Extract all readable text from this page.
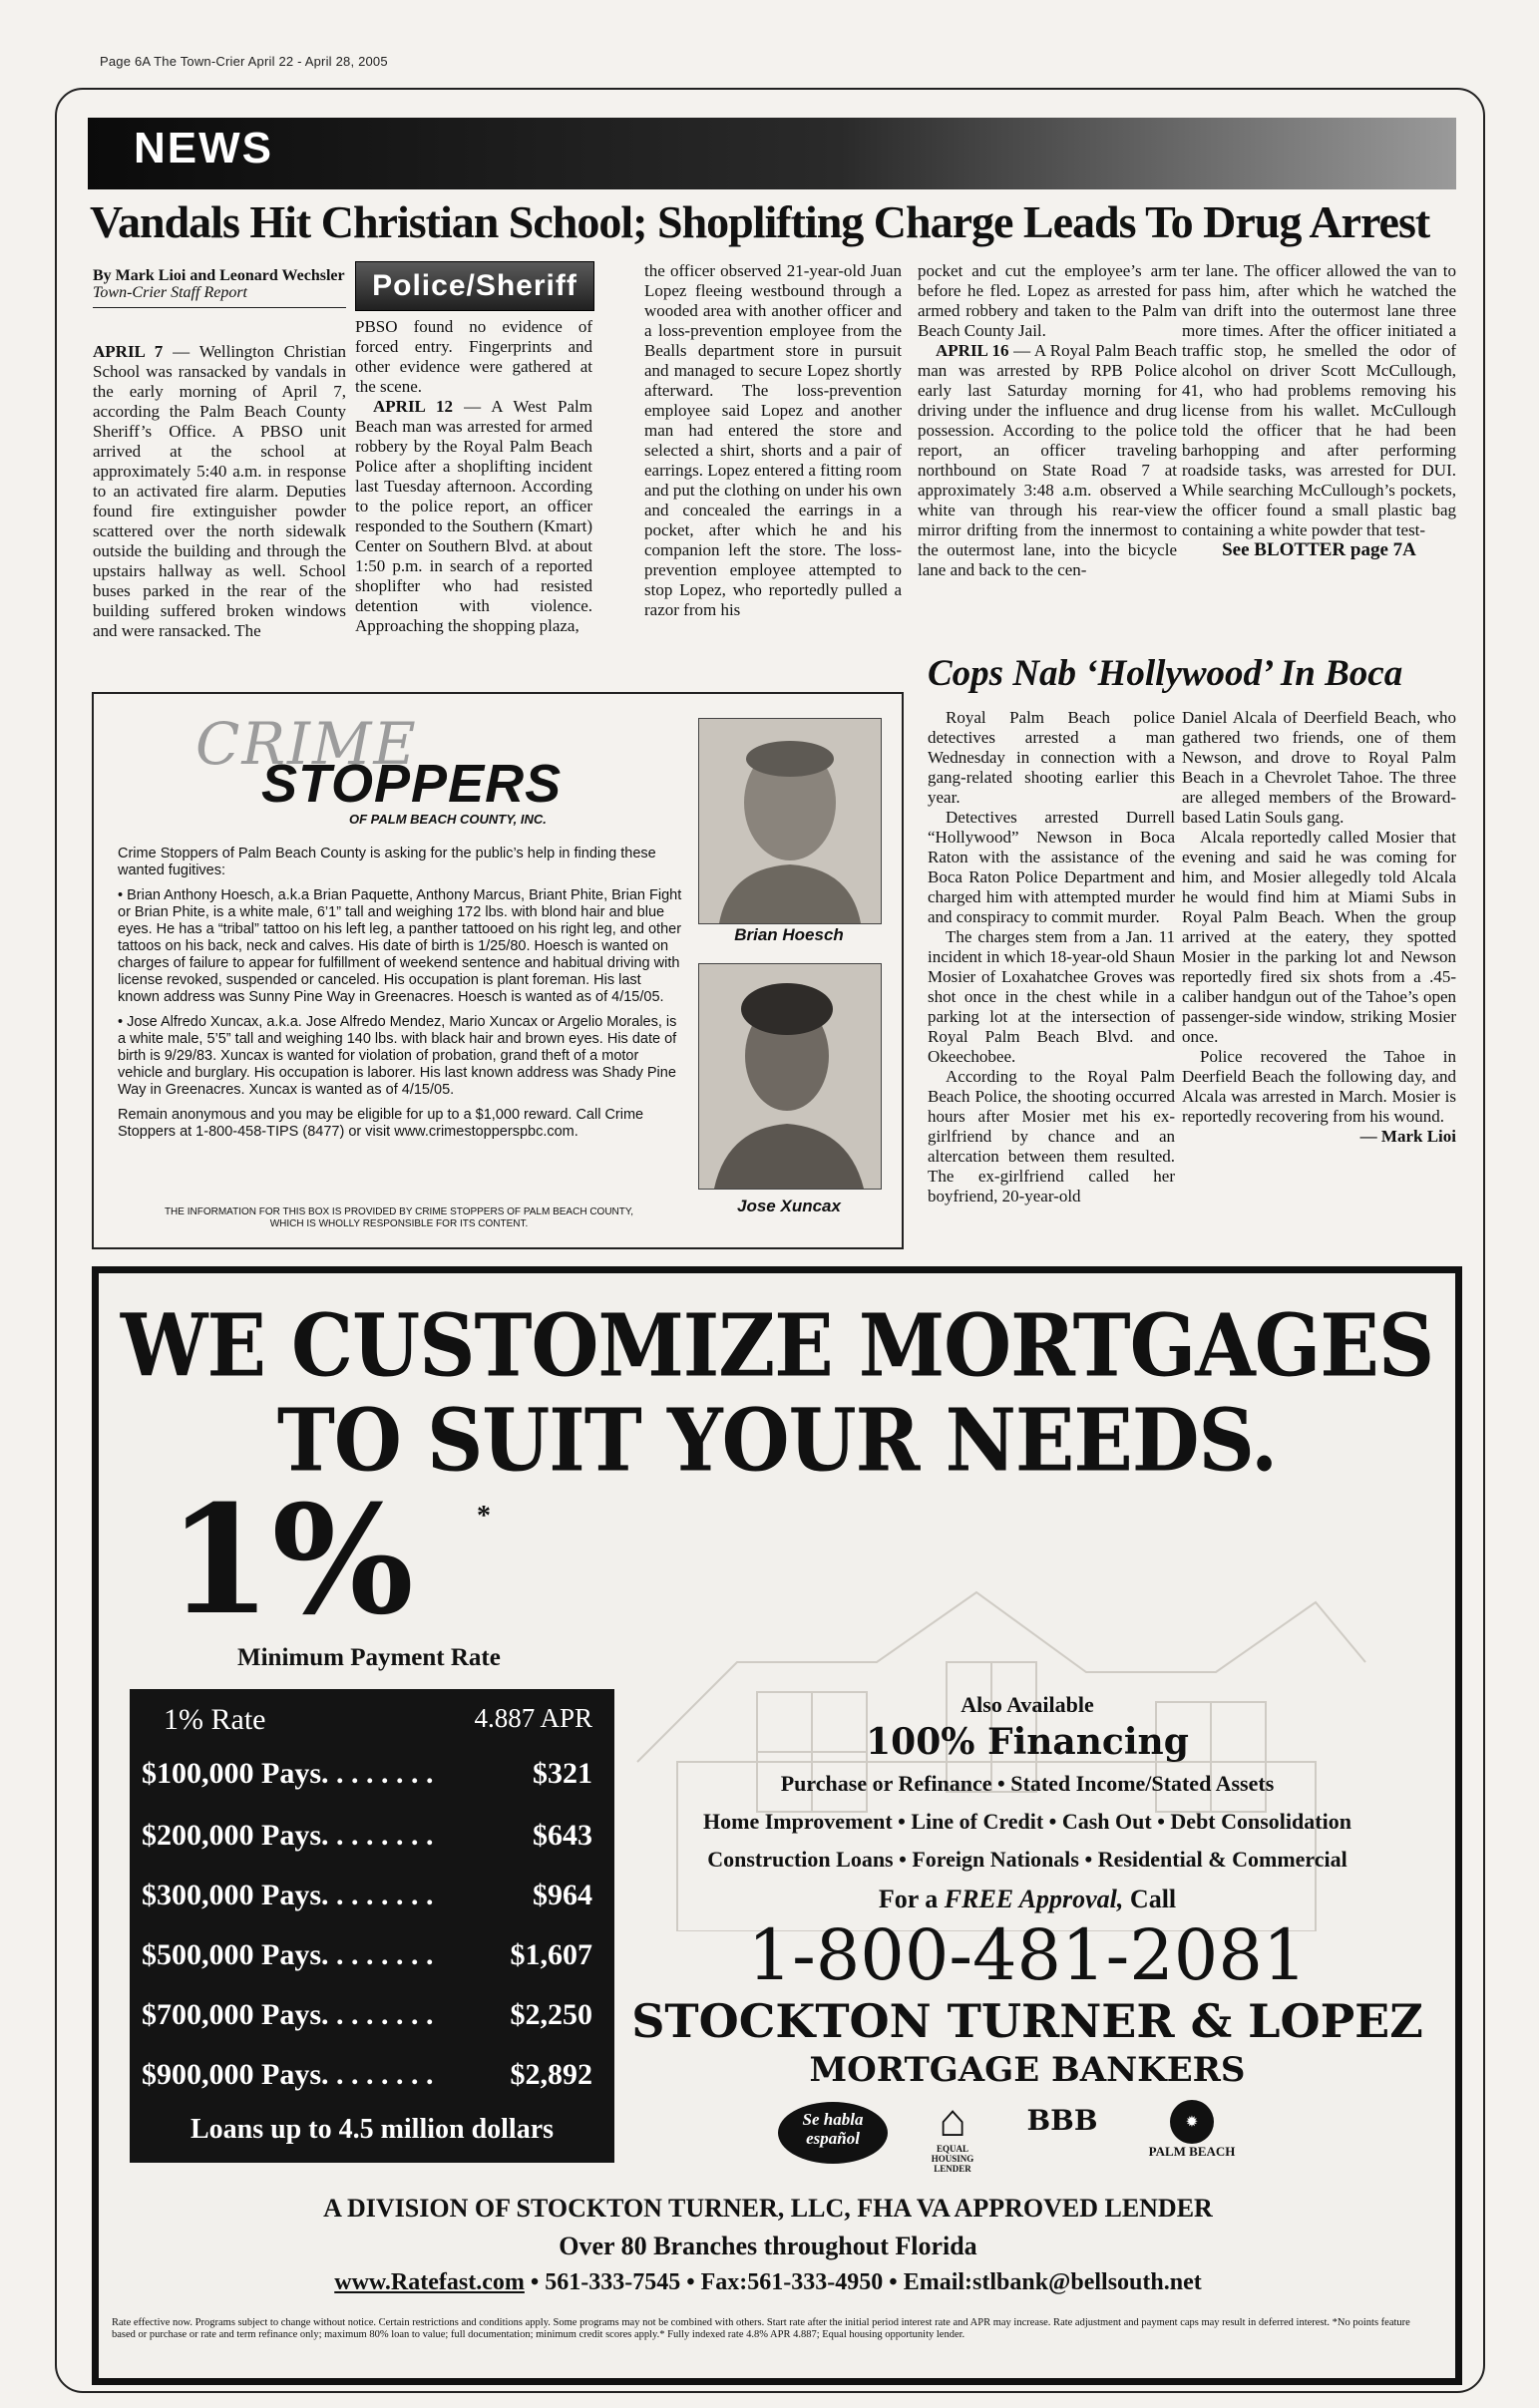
Page 6A The Town-Crier April 22 - April 28, 2005
NEWS
Vandals Hit Christian School; Shoplifting Charge Leads To Drug Arrest
By Mark Lioi and Leonard Wechsler
Town-Crier Staff Report	Police/Sheriff

APRIL 7 — Wellington Christian School was ransacked by vandals in the early morning of April 7, according the Palm Beach County Sheriff’s Office. A PBSO unit arrived at the school at approximately 5:40 a.m. in response to an activated fire alarm. Deputies found fire extinguisher powder scattered over the north sidewalk outside the building and through the upstairs hallway as well. School buses parked in the rear of the building suffered broken windows and were ransacked. The

PBSO found no evidence of forced entry. Fingerprints and other evidence were gathered at the scene.

APRIL 12 — A West Palm Beach man was arrested for armed robbery by the Royal Palm Beach Police after a shoplifting incident last Tuesday afternoon. According to the police report, an officer responded to the Southern (Kmart) Center on Southern Blvd. at about 1:50 p.m. in search of a reported shoplifter who had resisted detention with violence. Approaching the shopping plaza,

the officer observed 21-year-old Juan Lopez fleeing westbound through a wooded area with another officer and a loss-prevention employee from the Bealls department store in pursuit and managed to secure Lopez shortly afterward. The loss-prevention employee said Lopez and another man had entered the store and selected a shirt, shorts and a pair of earrings. Lopez entered a fitting room and put the clothing on under his own and concealed the earrings in a pocket, after which he and his companion left the store. The loss-prevention employee attempted to stop Lopez, who reportedly pulled a razor from his

pocket and cut the employee’s arm before he fled. Lopez as arrested for armed robbery and taken to the Palm Beach County Jail.

APRIL 16 — A Royal Palm Beach man was arrested by RPB Police early last Saturday morning for driving under the influence and drug possession. According to the police report, an officer traveling northbound on State Road 7 at approximately 3:48 a.m. observed a white van through his rear-view mirror drifting from the innermost to the outermost lane, into the bicycle lane and back to the cen-

ter lane. The officer allowed the van to pass him, after which he watched the van drift into the outermost lane three more times. After the officer initiated a traffic stop, he smelled the odor of alcohol on driver Scott McCullough, 41, who had problems removing his license from his wallet. McCullough told the officer that he had been barhopping and after performing roadside tasks, was arrested for DUI. While searching McCullough’s pockets, the officer found a small plastic bag containing a white powder that test-

See BLOTTER page 7A
Cops Nab ‘Hollywood’ In Boca

Royal Palm Beach police detectives arrested a man Wednesday in connection with a gang-related shooting earlier this year.

Detectives arrested Durrell “Hollywood” Newson in Boca Raton with the assistance of the Boca Raton Police Department and charged him with attempted murder and conspiracy to commit murder.

The charges stem from a Jan. 11 incident in which 18-year-old Shaun Mosier of Loxahatchee Groves was shot once in the chest while in a parking lot at the intersection of Royal Palm Beach Blvd. and Okeechobee.

According to the Royal Palm Beach Police, the shooting occurred hours after Mosier met his ex-girlfriend by chance and an altercation between them resulted. The ex-girlfriend called her boyfriend, 20-year-old

Daniel Alcala of Deerfield Beach, who gathered two friends, one of them Newson, and drove to Royal Palm Beach in a Chevrolet Tahoe. The three are alleged members of the Broward-based Latin Souls gang.

Alcala reportedly called Mosier that evening and said he was coming for him, and Mosier allegedly told Alcala he would find him at Miami Subs in Royal Palm Beach. When the group arrived at the eatery, they spotted Mosier in the parking lot and Newson reportedly fired six shots from a .45-caliber handgun out of the Tahoe’s open passenger-side window, striking Mosier once.

Police recovered the Tahoe in Deerfield Beach the following day, and Alcala was arrested in March. Mosier is reportedly recovering from his wound.

— Mark Lioi
CRIME
STOPPERS
OF PALM BEACH COUNTY, INC.

Crime Stoppers of Palm Beach County is asking for the public’s help in finding these wanted fugitives:

• Brian Anthony Hoesch, a.k.a Brian Paquette, Anthony Marcus, Briant Phite, Brian Fight or Brian Phite, is a white male, 6’1” tall and weighing 172 lbs. with blond hair and blue eyes. He has a “tribal” tattoo on his left leg, a panther tattooed on his right leg, and other tattoos on his back, neck and calves. His date of birth is 1/25/80. Hoesch is wanted on charges of failure to appear for fulfillment of weekend sentence and habitual driving with license revoked, suspended or canceled. His occupation is plant foreman. His last known address was Sunny Pine Way in Greenacres. Hoesch is wanted as of 4/15/05.

• Jose Alfredo Xuncax, a.k.a. Jose Alfredo Mendez, Mario Xuncax or Argelio Morales, is a white male, 5’5” tall and weighing 140 lbs. with black hair and brown eyes. His date of birth is 9/29/83. Xuncax is wanted for violation of probation, grand theft of a motor vehicle and burglary. His occupation is laborer. His last known address was Shady Pine Way in Greenacres. Xuncax is wanted as of 4/15/05.

Remain anonymous and you may be eligible for up to a $1,000 reward. Call Crime Stoppers at 1-800-458-TIPS (8477) or visit www.crimestopperspbc.com.

THE INFORMATION FOR THIS BOX IS PROVIDED BY CRIME STOPPERS OF PALM BEACH COUNTY, WHICH IS WHOLLY RESPONSIBLE FOR ITS CONTENT.
Brian Hoesch
Jose Xuncax
WE CUSTOMIZE MORTGAGES
TO SUIT YOUR NEEDS.
1% *
Minimum Payment Rate
1% Rate	4.887 APR
$100,000 Pays. . . . . . . .	$321
$200,000 Pays. . . . . . . .	$643
$300,000 Pays. . . . . . . .	$964
$500,000 Pays. . . . . . . .	$1,607
$700,000 Pays. . . . . . . .	$2,250
$900,000 Pays. . . . . . . .	$2,892
Loans up to 4.5 million dollars
Also Available
100% Financing
Purchase or Refinance • Stated Income/Stated Assets
Home Improvement • Line of Credit • Cash Out • Debt Consolidation
Construction Loans • Foreign Nationals • Residential & Commercial
For a FREE Approval, Call
1-800-481-2081
STOCKTON TURNER & LOPEZ
MORTGAGE BANKERS
Se habla español	⌂
EQUAL HOUSING LENDER
BBB	✹
PALM BEACH
A DIVISION OF STOCKTON TURNER, LLC, FHA VA APPROVED LENDER
Over 80 Branches throughout Florida
www.Ratefast.com • 561-333-7545 • Fax:561-333-4950 • Email:stlbank@bellsouth.net
Rate effective now. Programs subject to change without notice. Certain restrictions and conditions apply. Some programs may not be combined with others. Start rate after the initial period interest rate and APR may increase. Rate adjustment and payment caps may result in deferred interest. *No points feature based or purchase or rate and term refinance only; maximum 80% loan to value; full documentation; minimum credit scores apply.* Fully indexed rate 4.8% APR 4.887; Equal housing opportunity lender.
